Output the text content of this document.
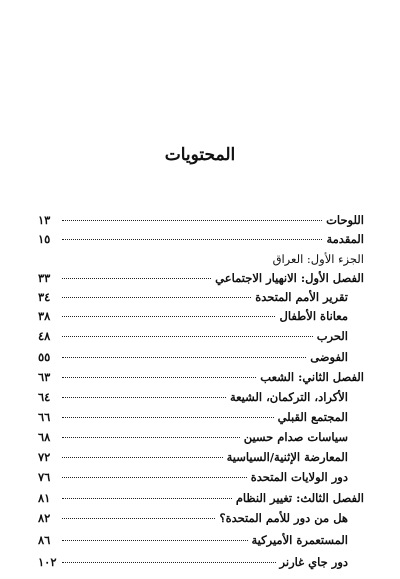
المحتويات
اللوحات
١٣
المقدمة
١٥
الجزء الأول: العراق
الفصل الأول: الانهيار الاجتماعي
٣٣
تقرير الأمم المتحدة
٣٤
معاناة الأطفال
٣٨
الحرب
٤٨
الفوضى
٥٥
الفصل الثاني: الشعب
٦٣
الأكراد، التركمان، الشيعة
٦٤
المجتمع القبلي
٦٦
سياسات صدام حسين
٦٨
المعارضة الإثنية/السياسية
٧٢
دور الولايات المتحدة
٧٦
الفصل الثالث: تغيير النظام
٨١
هل من دور للأمم المتحدة؟
٨٢
المستعمرة الأميركية
٨٦
دور جاي غارنر
١٠٢
